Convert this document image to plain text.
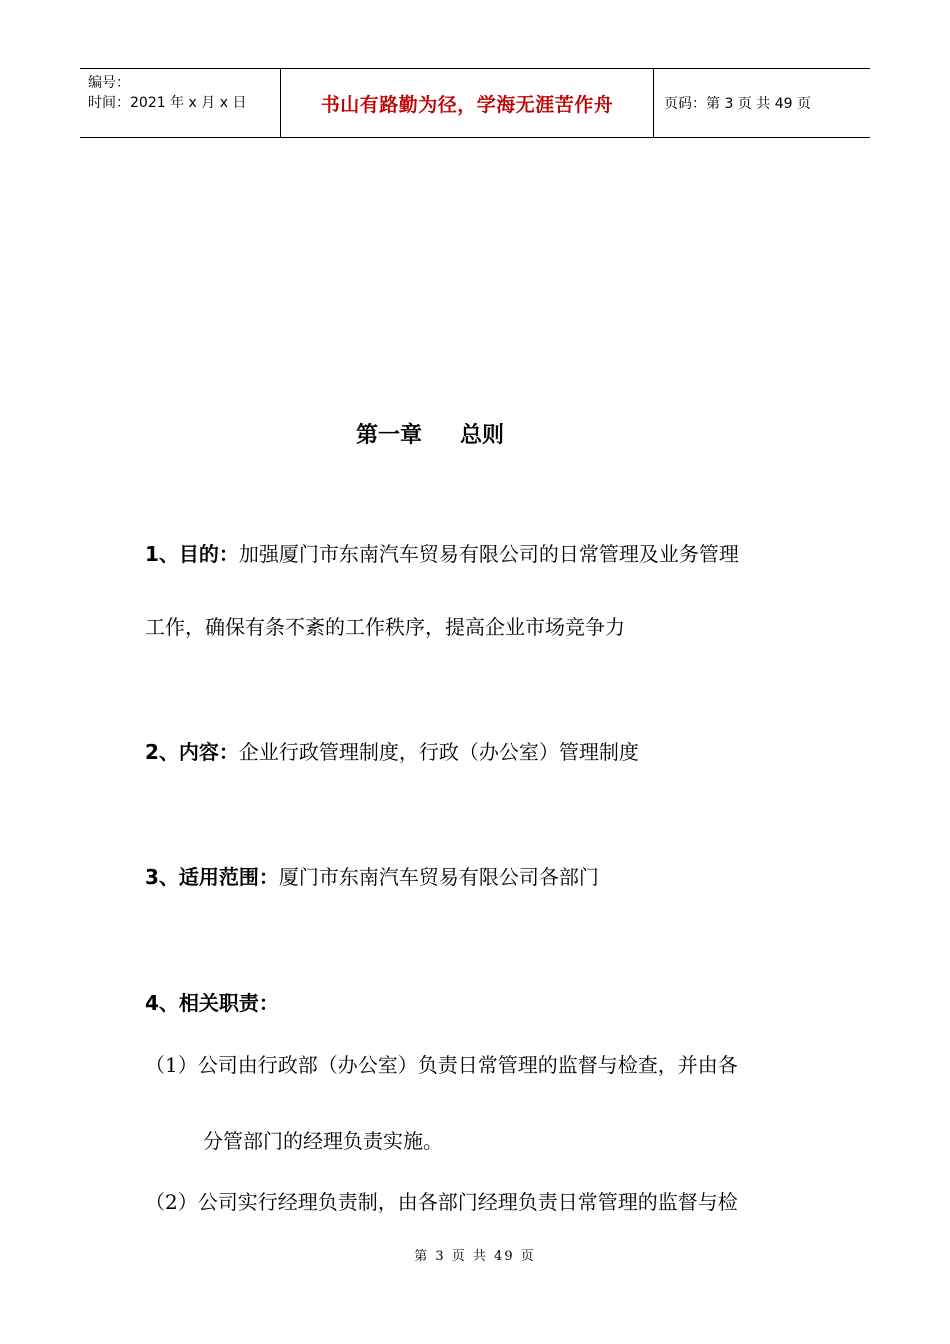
编号：
时间：2021 年 x 月 x 日	书山有路勤为径，学海无涯苦作舟	页码：第 3 页 共 49 页
第一章 总则
1、目的：加强厦门市东南汽车贸易有限公司的日常管理及业务管理
工作，确保有条不紊的工作秩序，提高企业市场竞争力
2、内容：企业行政管理制度，行政（办公室）管理制度
3、适用范围：厦门市东南汽车贸易有限公司各部门
4、相关职责：
（1）公司由行政部（办公室）负责日常管理的监督与检查，并由各
分管部门的经理负责实施。
（2）公司实行经理负责制，由各部门经理负责日常管理的监督与检
第 3 页 共 49 页
